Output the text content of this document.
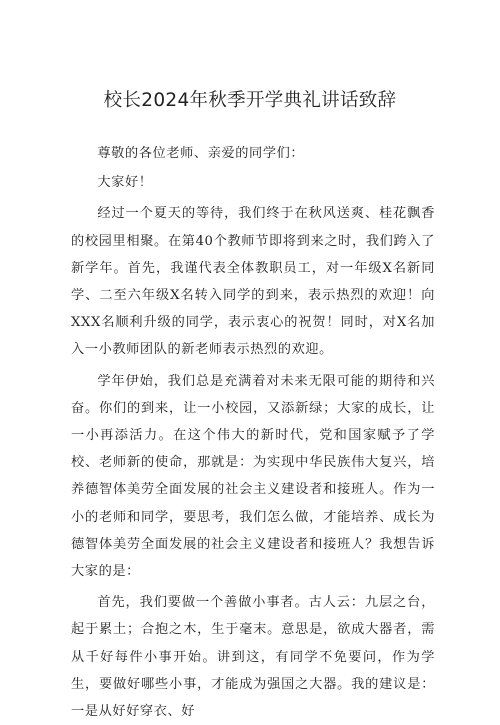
校长2024年秋季开学典礼讲话致辞

尊敬的各位老师、亲爱的同学们：

大家好！

经过一个夏天的等待，我们终于在秋风送爽、桂花飘香的校园里相聚。在第40个教师节即将到来之时，我们跨入了新学年。首先，我谨代表全体教职员工，对一年级X名新同学、二至六年级X名转入同学的到来，表示热烈的欢迎！向XXX名顺利升级的同学，表示衷心的祝贺！同时，对X名加入一小教师团队的新老师表示热烈的欢迎。

学年伊始，我们总是充满着对未来无限可能的期待和兴奋。你们的到来，让一小校园，又添新绿；大家的成长，让一小再添活力。在这个伟大的新时代，党和国家赋予了学校、老师新的使命，那就是：为实现中华民族伟大复兴，培养德智体美劳全面发展的社会主义建设者和接班人。作为一小的老师和同学，要思考，我们怎么做，才能培养、成长为德智体美劳全面发展的社会主义建设者和接班人？我想告诉大家的是：

首先，我们要做一个善做小事者。古人云：九层之台，起于累土；合抱之木，生于毫末。意思是，欲成大器者，需从千好每件小事开始。讲到这，有同学不免要问，作为学生，要做好哪些小事，才能成为强国之大器。我的建议是：一是从好好穿衣、好
